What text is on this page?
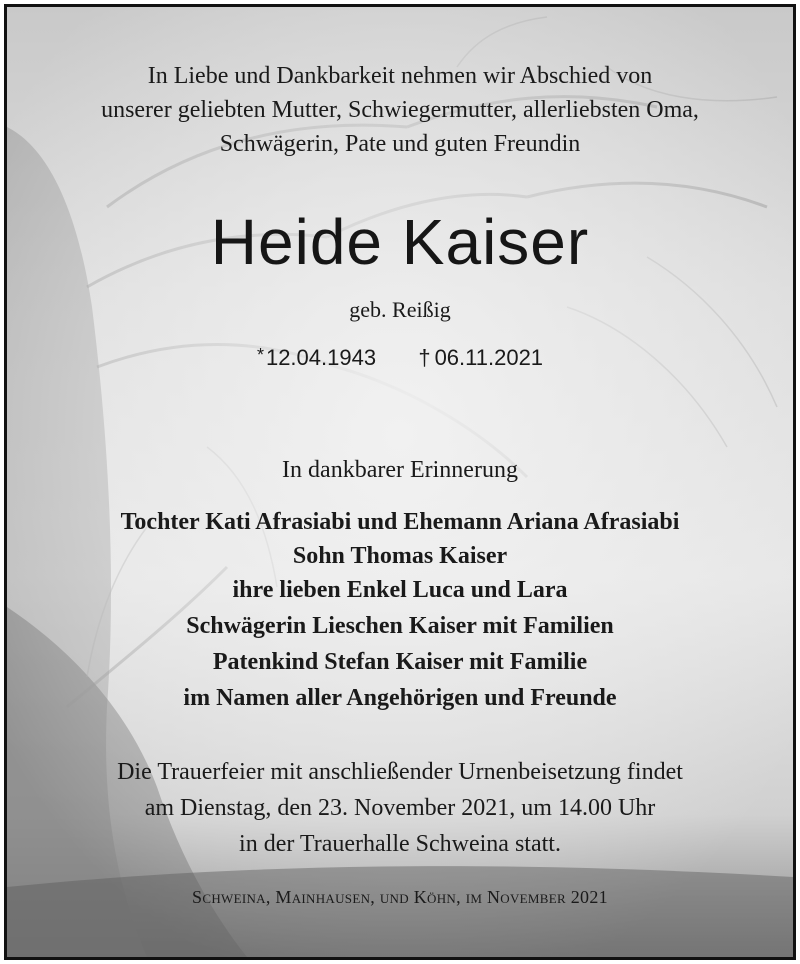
In Liebe und Dankbarkeit nehmen wir Abschied von
unserer geliebten Mutter, Schwiegermutter, allerliebsten Oma,
Schwägerin, Pate und guten Freundin
Heide Kaiser
geb. Reißig
*12.04.1943 † 06.11.2021
In dankbarer Erinnerung
Tochter Kati Afrasiabi und Ehemann Ariana Afrasiabi
Sohn Thomas Kaiser
ihre lieben Enkel Luca und Lara
Schwägerin Lieschen Kaiser mit Familien
Patenkind Stefan Kaiser mit Familie
im Namen aller Angehörigen und Freunde
Die Trauerfeier mit anschließender Urnenbeisetzung findet
am Dienstag, den 23. November 2021, um 14.00 Uhr
in der Trauerhalle Schweina statt.
Schweina, Mainhausen, und Köhn, im November 2021
